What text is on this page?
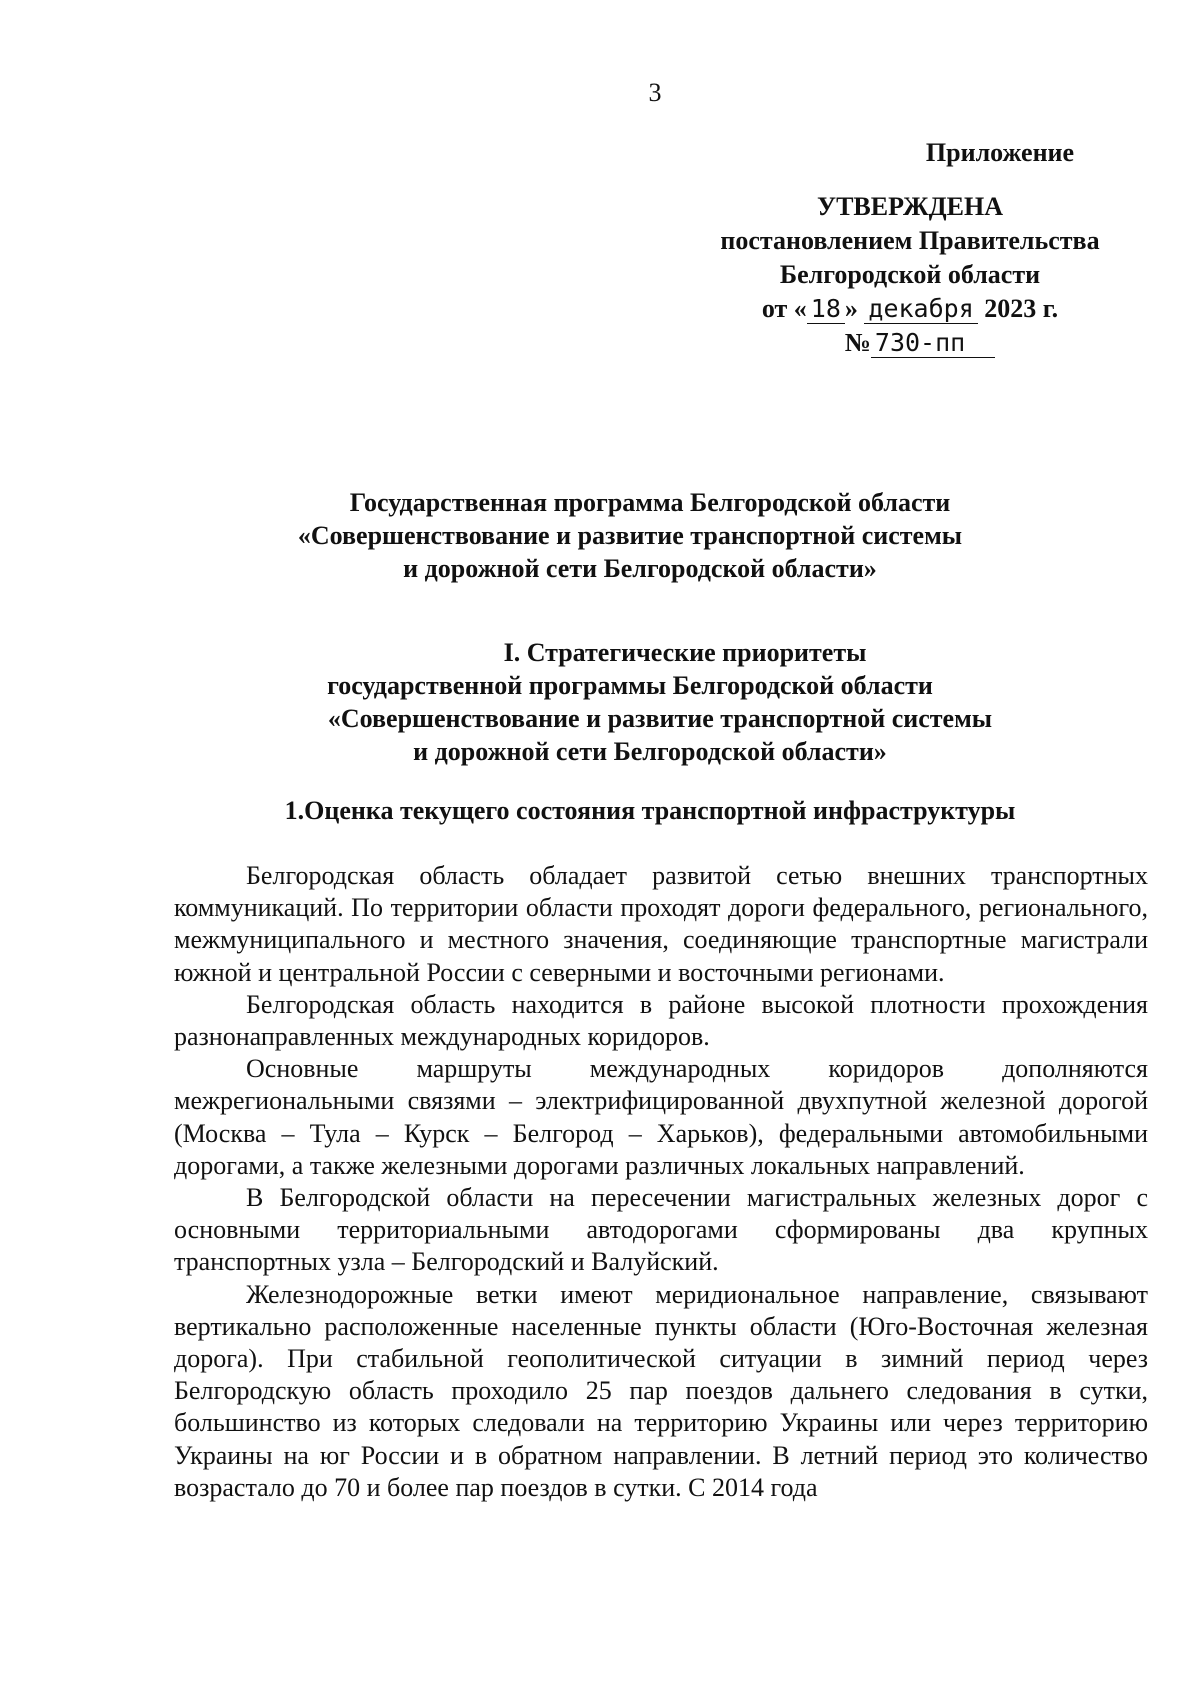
3
Приложение
УТВЕРЖДЕНА
постановлением Правительства
Белгородской области
от « 18 » декабря 2023 г.
№ 730-пп
Государственная программа Белгородской области
«Совершенствование и развитие транспортной системы
и дорожной сети Белгородской области»
I. Стратегические приоритеты
государственной программы Белгородской области
«Совершенствование и развитие транспортной системы
и дорожной сети Белгородской области»
1.Оценка текущего состояния транспортной инфраструктуры

Белгородская область обладает развитой сетью внешних транспортных коммуникаций. По территории области проходят дороги федерального, регионального, межмуниципального и местного значения, соединяющие транспортные магистрали южной и центральной России с северными и восточными регионами.

Белгородская область находится в районе высокой плотности прохождения разнонаправленных международных коридоров.

Основные маршруты международных коридоров дополняются межрегиональными связями – электрифицированной двухпутной железной дорогой (Москва – Тула – Курск – Белгород – Харьков), федеральными автомобильными дорогами, а также железными дорогами различных локальных направлений.

В Белгородской области на пересечении магистральных железных дорог с основными территориальными автодорогами сформированы два крупных транспортных узла – Белгородский и Валуйский.

Железнодорожные ветки имеют меридиональное направление, связывают вертикально расположенные населенные пункты области (Юго-Восточная железная дорога). При стабильной геополитической ситуации в зимний период через Белгородскую область проходило 25 пар поездов дальнего следования в сутки, большинство из которых следовали на территорию Украины или через территорию Украины на юг России и в обратном направлении. В летний период это количество возрастало до 70 и более пар поездов в сутки. С 2014 года
